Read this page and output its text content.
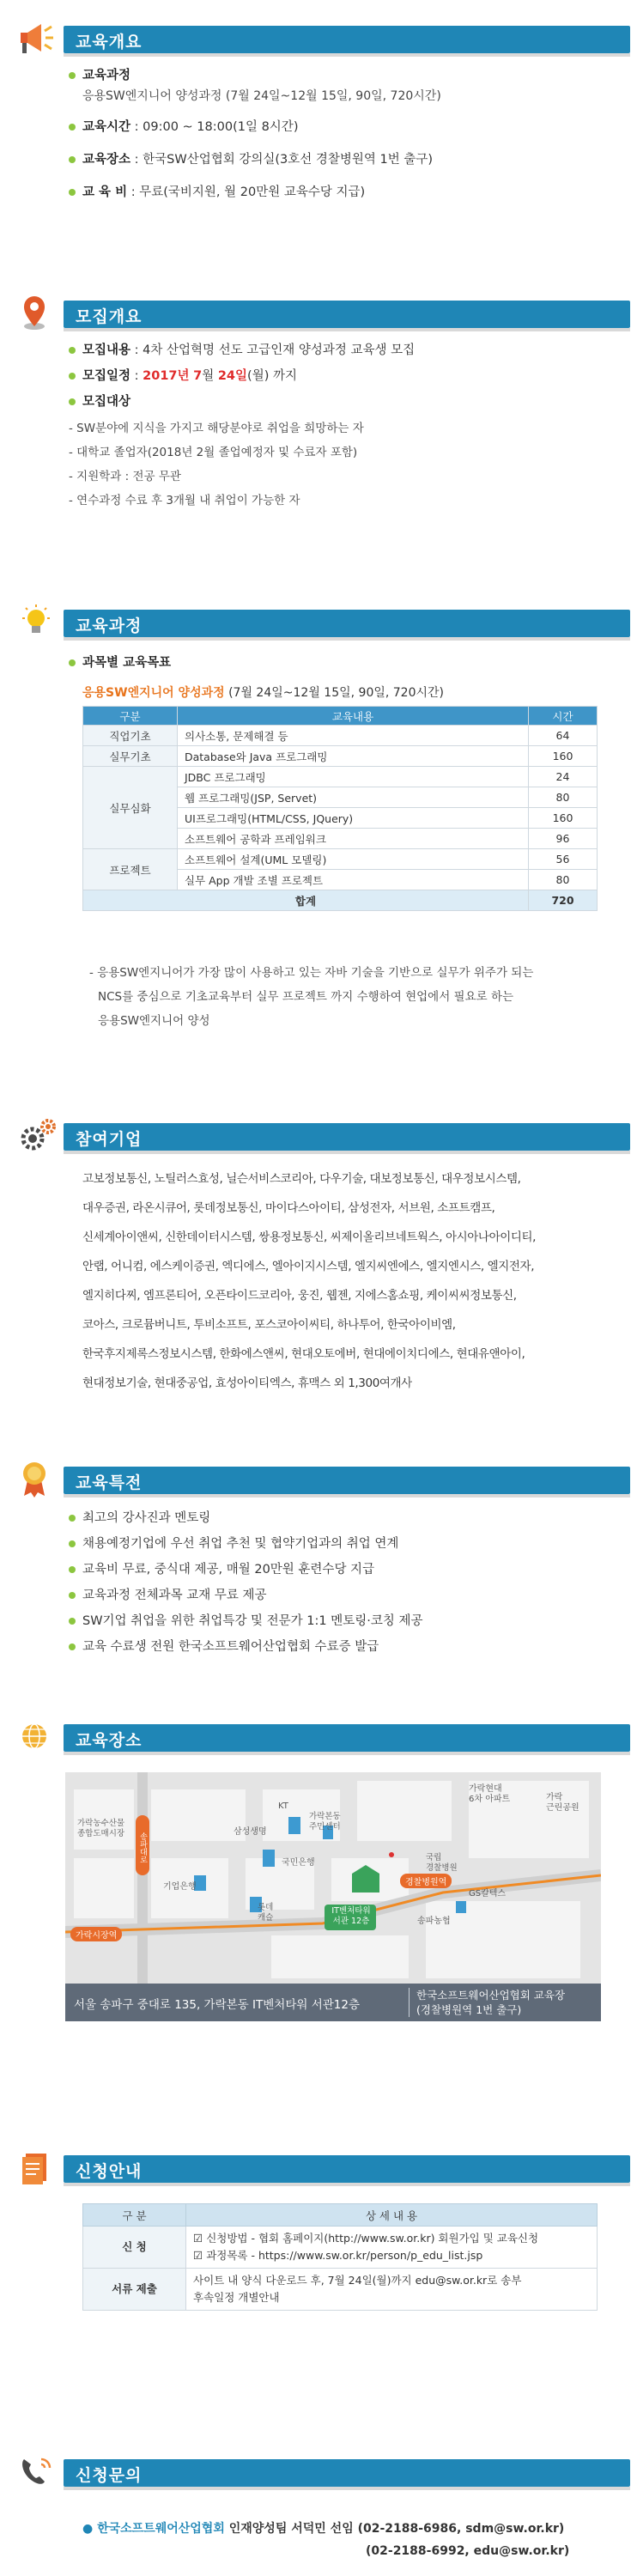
교육개요
교육과정
응용SW엔지니어 양성과정 (7월 24일~12월 15일, 90일, 720시간)
교육시간 : 09:00 ~ 18:00(1일 8시간)
교육장소 : 한국SW산업협회 강의실(3호선 경찰병원역 1번 출구)
교 육 비 : 무료(국비지원, 월 20만원 교육수당 지급)
모집개요
모집내용 : 4차 산업혁명 선도 고급인재 양성과정 교육생 모집
모집일정 : 2017년 7월 24일(월) 까지
모집대상
- SW분야에 지식을 가지고 해당분야로 취업을 희망하는 자
- 대학교 졸업자(2018년 2월 졸업예정자 및 수료자 포함)
- 지원학과 : 전공 무관
- 연수과정 수료 후 3개월 내 취업이 가능한 자
교육과정
과목별 교육목표
응용SW엔지니어 양성과정 (7월 24일~12월 15일, 90일, 720시간)
구분	교육내용	시간
직업기초	의사소통, 문제해결 등	64
실무기초	Database와 Java 프로그래밍	160
실무심화	JDBC 프로그래밍	24
	웹 프로그래밍(JSP, Servet)	80
	UI프로그래밍(HTML/CSS, JQuery)	160
	소프트웨어 공학과 프레임워크	96
프로젝트	소프트웨어 설계(UML 모델링)	56
	실무 App 개발 조별 프로젝트	80
합계		720
- 응용SW엔지니어가 가장 많이 사용하고 있는 자바 기술을 기반으로 실무가 위주가 되는
NCS를 중심으로 기초교육부터 실무 프로젝트 까지 수행하여 현업에서 필요로 하는
응용SW엔지니어 양성
참여기업
고보정보통신, 노틸러스효성, 닐슨서비스코리아, 다우기술, 대보정보통신, 대우정보시스템,
대우증권, 라온시큐어, 롯데정보통신, 마이다스아이티, 삼성전자, 서브원, 소프트캠프,
신세계아이앤씨, 신한데이터시스템, 쌍용정보통신, 씨제이올리브네트웍스, 아시아나아이디티,
안랩, 어니컴, 에스케이증권, 엑디에스, 엘아이지시스템, 엘지씨엔에스, 엘지엔시스, 엘지전자,
엘지히다찌, 엠프론티어, 오픈타이드코리아, 웅진, 웹젠, 지에스홈쇼핑, 케이씨씨정보통신,
코아스, 크로뮴버니트, 투비소프트, 포스코아이씨티, 하나투어, 한국아이비엠,
한국후지제록스정보시스템, 한화에스앤씨, 현대오토에버, 현대에이치디에스, 현대유앤아이,
현대정보기술, 현대중공업, 효성아이티엑스, 휴맥스 외 1,300여개사
교육특전
최고의 강사진과 멘토링
채용예정기업에 우선 취업 추천 및 협약기업과의 취업 연계
교육비 무료, 중식대 제공, 매월 20만원 훈련수당 지급
교육과정 전체과목 교재 무료 제공
SW기업 취업을 위한 취업특강 및 전문가 1:1 멘토링·코칭 제공
교육 수료생 전원 한국소프트웨어산업협회 수료증 발급
교육장소
송파대로
가락현대
6차 아파트	가락
근린공원
가락농수산물
종합도매시장
KT
가락본동
주민센터
삼성생명
국립
경찰병원
국민은행
GS칼텍스
기업은행
롯데
캐슬	송파농협
가락시장역
경찰병원역
IT벤처타워
서관 12층
서울 송파구 중대로 135, 가락본동 IT벤처타워 서관12층
한국소프트웨어산업협회 교육장
(경찰병원역 1번 출구)
신청안내
구 분	상 세 내 용
신 청	☑ 신청방법 - 협회 홈페이지(http://www.sw.or.kr) 회원가입 및 교육신청
☑ 과정목록 - https://www.sw.or.kr/person/p_edu_list.jsp

서류 제출	사이트 내 양식 다운로드 후, 7월 24일(월)까지 edu@sw.or.kr로 송부
후속일정 개별안내
신청문의
● 한국소프트웨어산업협회 인재양성팀 서덕민 선임 (02-2188-6986, sdm@sw.or.kr)
(02-2188-6992, edu@sw.or.kr)
